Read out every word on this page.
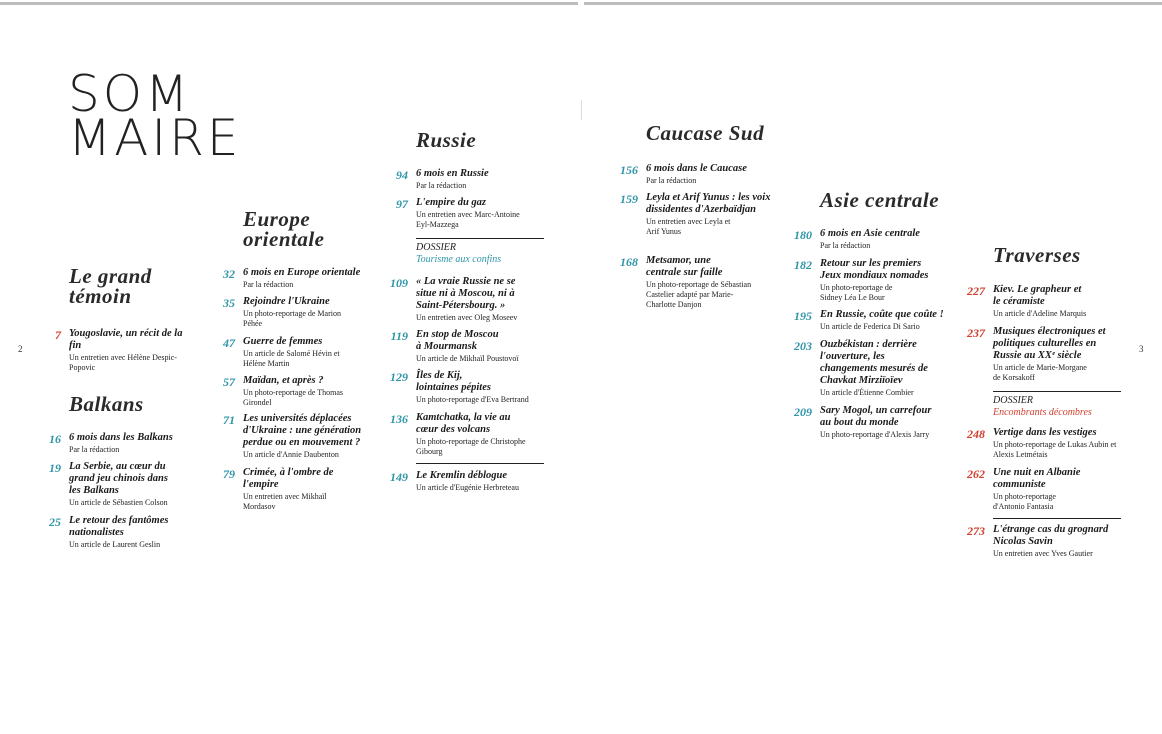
2	3
SOM
MAIRE
Le grand témoin
7 Yougoslavie, un récit de la fin
Un entretien avec Hélène Despic-Popovic
Balkans
16 6 mois dans les Balkans
Par la rédaction
19 La Serbie, au cœur du grand jeu chinois dans les Balkans
Un article de Sébastien Colson
25 Le retour des fantômes nationalistes
Un article de Laurent Geslin
Europe orientale
32 6 mois en Europe orientale
Par la rédaction
35 Rejoindre l'Ukraine
Un photo-reportage de Marion Péhée
47 Guerre de femmes
Un article de Salomé Hévin et Hélène Martin
57 Maïdan, et après ?
Un photo-reportage de Thomas Girondel
71 Les universités déplacées d'Ukraine : une génération perdue ou en mouvement ?
Un article d'Annie Daubenton
79 Crimée, à l'ombre de l'empire
Un entretien avec Mikhaïl Mordasov
Russie
94 6 mois en Russie
Par la rédaction
97 L'empire du gaz
Un entretien avec Marc-Antoine Eyl-Mazzega
DOSSIER
Tourisme aux confins
109 « La vraie Russie ne se situe ni à Moscou, ni à Saint-Pétersbourg. »
Un entretien avec Oleg Moseev
119 En stop de Moscou à Mourmansk
Un article de Mikhaïl Poustovoï
129 Îles de Kij, lointaines pépites
Un photo-reportage d'Eva Bertrand
136 Kamtchatka, la vie au cœur des volcans
Un photo-reportage de Christophe Gibourg
149 Le Kremlin déblogue
Un article d'Eugénie Herbreteau
Caucase Sud
156 6 mois dans le Caucase
Par la rédaction
159 Leyla et Arif Yunus : les voix dissidentes d'Azerbaïdjan
Un entretien avec Leyla et Arif Yunus
168 Metsamor, une centrale sur faille
Un photo-reportage de Sébastian Castelier adapté par Marie-Charlotte Danjon
Asie centrale
180 6 mois en Asie centrale
Par la rédaction
182 Retour sur les premiers Jeux mondiaux nomades
Un photo-reportage de Sidney Léa Le Bour
195 En Russie, coûte que coûte !
Un article de Federica Di Sario
203 Ouzbékistan : derrière l'ouverture, les changements mesurés de Chavkat Mirziïoïev
Un article d'Étienne Combier
209 Sary Mogol, un carrefour au bout du monde
Un photo-reportage d'Alexis Jarry
Traverses
227 Kiev. Le grapheur et le céramiste
Un article d'Adeline Marquis
237 Musiques électroniques et politiques culturelles en Russie au XXᵉ siècle
Un article de Marie-Morgane de Korsakoff
DOSSIER
Encombrants décombres
248 Vertige dans les vestiges
Un photo-reportage de Lukas Aubin et Alexis Letmétais
262 Une nuit en Albanie communiste
Un photo-reportage d'Antonio Fantasia
273 L'étrange cas du grognard Nicolas Savin
Un entretien avec Yves Gautier
